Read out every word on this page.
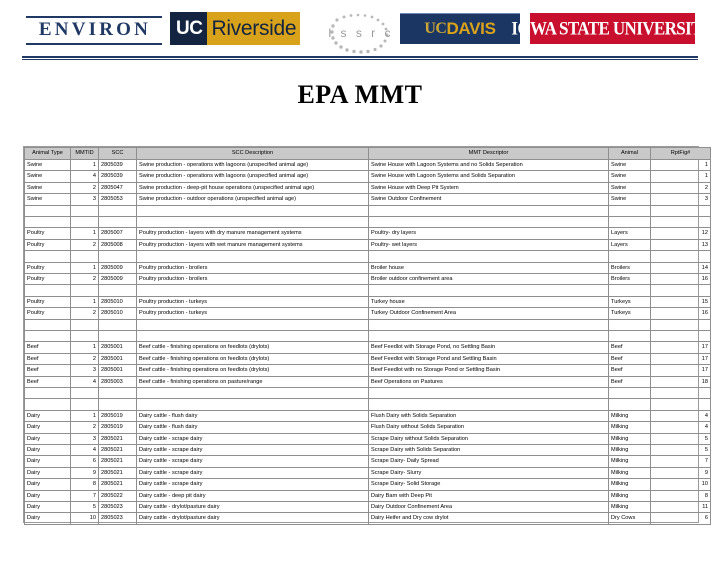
ENVIRON	UC Riverside	l s s r c UC DAVIS IOWA STATE UNIVERSITY
EPA MMT
Animal Type	MMTID	SCC	SCC Description	MMT Descriptor	Animal	RptFig#
Swine	1	2805039	Swine production - operations with lagoons (unspecified animal age)	Swine House with Lagoon Systems and no Solids Seperation	Swine	1
Swine	4	2805039	Swine production - operations with lagoons (unspecified animal age)	Swine House with Lagoon Systems and Solids Separation	Swine	1
Swine	2	2805047	Swine production - deep-pit house operations (unspecified animal age)	Swine House with Deep Pit System	Swine	2
Swine	3	2805053	Swine production - outdoor operations (unspecified animal age)	Swine Outdoor Confinement	Swine	3

Poultry	1	2805007	Poultry production - layers with dry manure management systems	Poultry- dry layers	Layers	12
Poultry	2	2805008	Poultry production - layers with wet manure management systems	Poultry- wet layers	Layers	13

Poultry	1	2805009	Poultry production - broilers	Broiler house	Broilers	14
Poultry	2	2805009	Poultry production - broilers	Broiler outdoor confinement area	Broilers	16

Poultry	1	2805010	Poultry production - turkeys	Turkey house	Turkeys	15
Poultry	2	2805010	Poultry production - turkeys	Turkey Outdoor Confinement Area	Turkeys	16

Beef	1	2805001	Beef cattle - finishing operations on feedlots (drylots)	Beef Feedlot with Storage Pond, no Settling Basin	Beef	17
Beef	2	2805001	Beef cattle - finishing operations on feedlots (drylots)	Beef Feedlot with Storage Pond and Settling Basin	Beef	17
Beef	3	2805001	Beef cattle - finishing operations on feedlots (drylots)	Beef Feedlot with no Storage Pond or Settling Basin	Beef	17
Beef	4	2805003	Beef cattle - finishing operations on pasture/range	Beef Operations on Pastures	Beef	18

Dairy	1	2805019	Dairy cattle - flush dairy	Flush Dairy with Solids Separation	Milking	4
Dairy	2	2805019	Dairy cattle - flush dairy	Flush Dairy without Solids Separation	Milking	4
Dairy	3	2805021	Dairy cattle - scrape dairy	Scrape Dairy without Solids Separation	Milking	5
Dairy	4	2805021	Dairy cattle - scrape dairy	Scrape Dairy with Solids Separation	Milking	5
Dairy	6	2805021	Dairy cattle - scrape dairy	Scrape Dairy- Daily Spread	Milking	7
Dairy	9	2805021	Dairy cattle - scrape dairy	Scrape Dairy- Slurry	Milking	9
Dairy	8	2805021	Dairy cattle - scrape dairy	Scrape Dairy- Solid Storage	Milking	10
Dairy	7	2805022	Dairy cattle - deep pit dairy	Dairy Barn with Deep Pit	Milking	8
Dairy	5	2805023	Dairy cattle - drylot/pasture dairy	Dairy Outdoor Confinement Area	Milking	11
Dairy	10	2805023	Dairy cattle - drylot/pasture dairy	Dairy Heifer and Dry cow drylot	Dry Cows	6
